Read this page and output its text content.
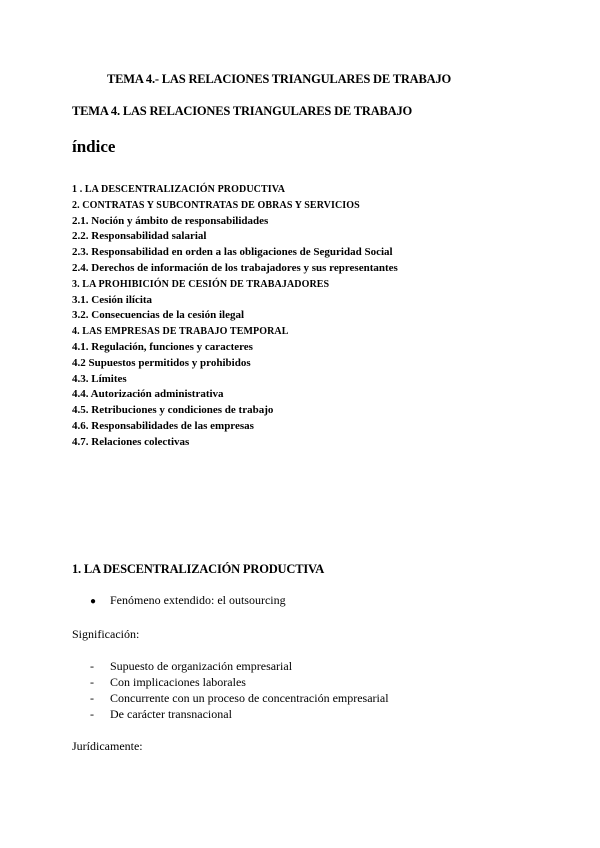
TEMA 4.- LAS RELACIONES TRIANGULARES DE TRABAJO
TEMA 4. LAS RELACIONES TRIANGULARES DE TRABAJO
índice
1 . LA DESCENTRALIZACIÓN PRODUCTIVA
2. CONTRATAS Y SUBCONTRATAS DE OBRAS Y SERVICIOS
2.1. Noción y ámbito de responsabilidades
2.2. Responsabilidad salarial
2.3. Responsabilidad en orden a las obligaciones de Seguridad Social
2.4. Derechos de información de los trabajadores y sus representantes
3. LA PROHIBICIÓN DE CESIÓN DE TRABAJADORES
3.1. Cesión ilícita
3.2. Consecuencias de la cesión ilegal
4. LAS EMPRESAS DE TRABAJO TEMPORAL
4.1. Regulación, funciones y caracteres
4.2 Supuestos permitidos y prohibidos
4.3. Límites
4.4. Autorización administrativa
4.5. Retribuciones y condiciones de trabajo
4.6. Responsabilidades de las empresas
4.7. Relaciones colectivas
1. LA DESCENTRALIZACIÓN PRODUCTIVA
●	Fenómeno extendido: el outsourcing
Significación:
-	Supuesto de organización empresarial
-	Con implicaciones laborales
-	Concurrente con un proceso de concentración empresarial
-	De carácter transnacional
Jurídicamente:
